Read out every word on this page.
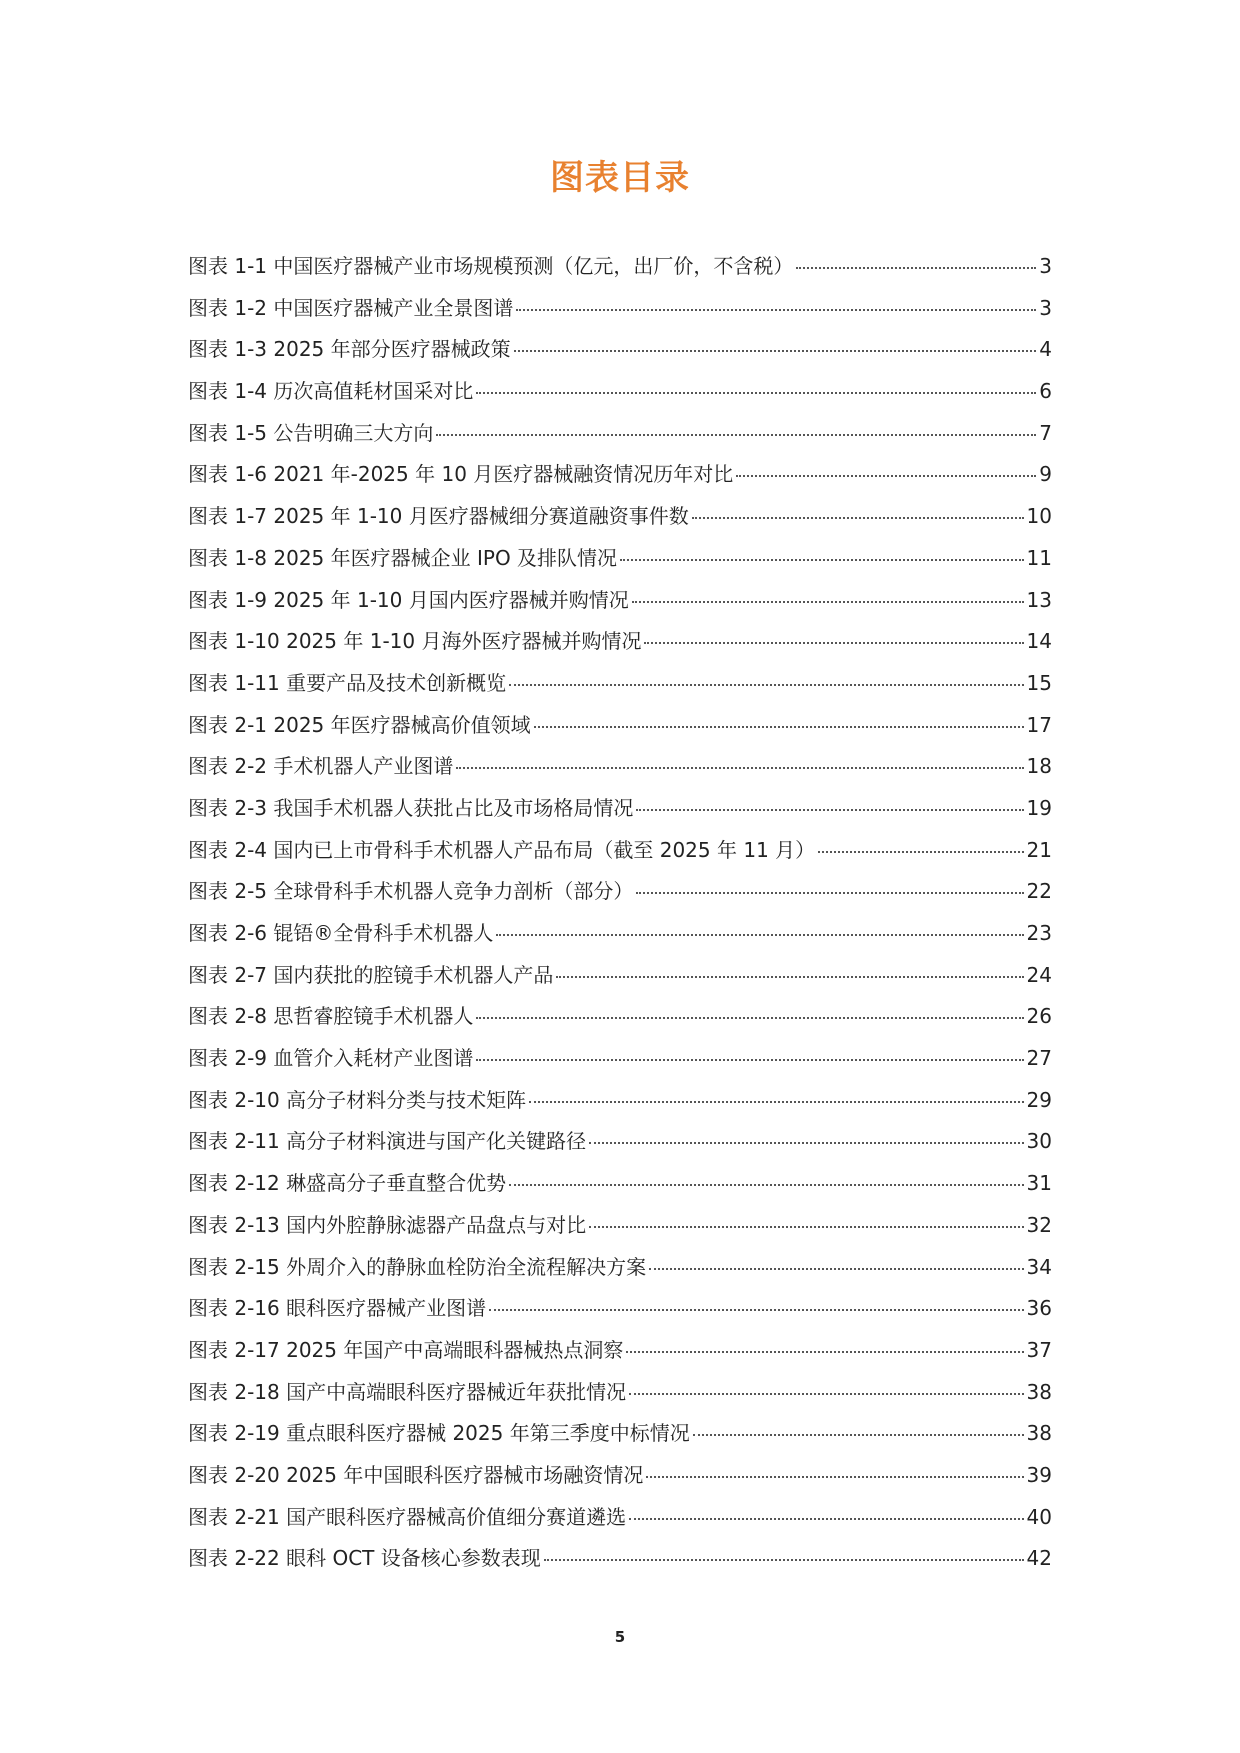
图表目录
图表 1-1 中国医疗器械产业市场规模预测（亿元，出厂价，不含税）	3
图表 1-2 中国医疗器械产业全景图谱	3
图表 1-3 2025 年部分医疗器械政策	4
图表 1-4 历次高值耗材国采对比	6
图表 1-5 公告明确三大方向	7
图表 1-6 2021 年-2025 年 10 月医疗器械融资情况历年对比	9
图表 1-7 2025 年 1-10 月医疗器械细分赛道融资事件数	10
图表 1-8 2025 年医疗器械企业 IPO 及排队情况	11
图表 1-9 2025 年 1-10 月国内医疗器械并购情况	13
图表 1-10 2025 年 1-10 月海外医疗器械并购情况	14
图表 1-11 重要产品及技术创新概览	15
图表 2-1 2025 年医疗器械高价值领域	17
图表 2-2 手术机器人产业图谱	18
图表 2-3 我国手术机器人获批占比及市场格局情况	19
图表 2-4 国内已上市骨科手术机器人产品布局（截至 2025 年 11 月）	21
图表 2-5 全球骨科手术机器人竞争力剖析（部分）	22
图表 2-6 锟铻®全骨科手术机器人	23
图表 2-7 国内获批的腔镜手术机器人产品	24
图表 2-8 思哲睿腔镜手术机器人	26
图表 2-9 血管介入耗材产业图谱	27
图表 2-10 高分子材料分类与技术矩阵	29
图表 2-11 高分子材料演进与国产化关键路径	30
图表 2-12 琳盛高分子垂直整合优势	31
图表 2-13 国内外腔静脉滤器产品盘点与对比	32
图表 2-15 外周介入的静脉血栓防治全流程解决方案	34
图表 2-16 眼科医疗器械产业图谱	36
图表 2-17 2025 年国产中高端眼科器械热点洞察	37
图表 2-18 国产中高端眼科医疗器械近年获批情况	38
图表 2-19 重点眼科医疗器械 2025 年第三季度中标情况	38
图表 2-20 2025 年中国眼科医疗器械市场融资情况	39
图表 2-21 国产眼科医疗器械高价值细分赛道遴选	40
图表 2-22 眼科 OCT 设备核心参数表现	42
5
